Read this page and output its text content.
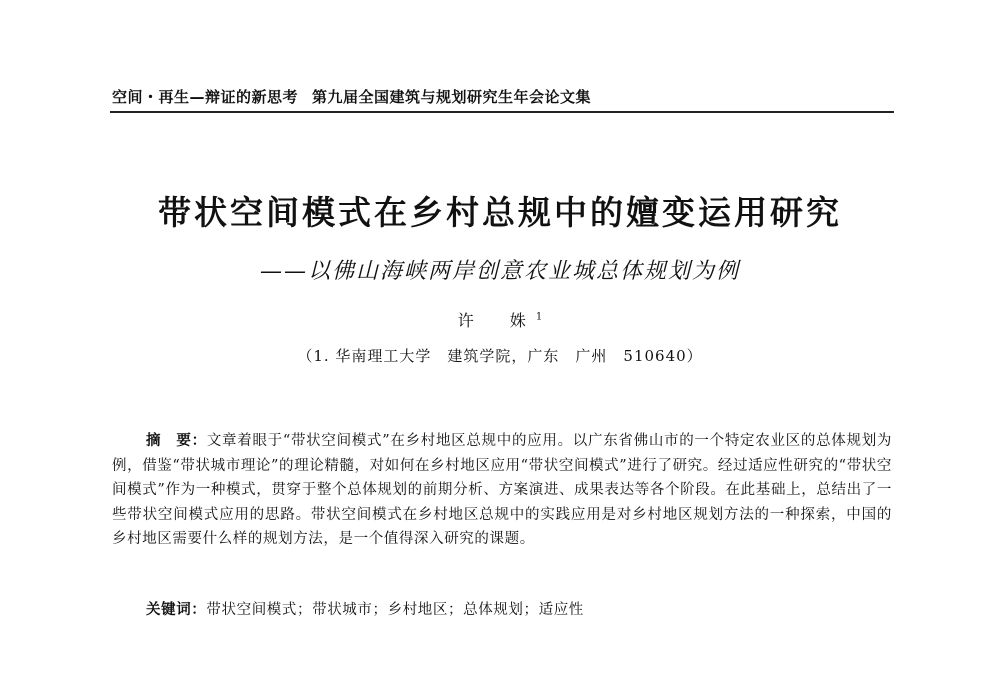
空间・再生—辩证的新思考 第九届全国建筑与规划研究生年会论文集
带状空间模式在乡村总规中的嬗变运用研究
——以佛山海峡两岸创意农业城总体规划为例
许　姝$^1$
（1. 华南理工大学　建筑学院，广东　广州　510640）
摘　要：文章着眼于“带状空间模式”在乡村地区总规中的应用。以广东省佛山市的一个特定农业区的总体规划为例，借鉴“带状城市理论”的理论精髓，对如何在乡村地区应用“带状空间模式”进行了研究。经过适应性研究的“带状空间模式”作为一种模式，贯穿于整个总体规划的前期分析、方案演进、成果表达等各个阶段。在此基础上，总结出了一些带状空间模式应用的思路。带状空间模式在乡村地区总规中的实践应用是对乡村地区规划方法的一种探索，中国的乡村地区需要什么样的规划方法，是一个值得深入研究的课题。
关键词：带状空间模式；带状城市；乡村地区；总体规划；适应性
